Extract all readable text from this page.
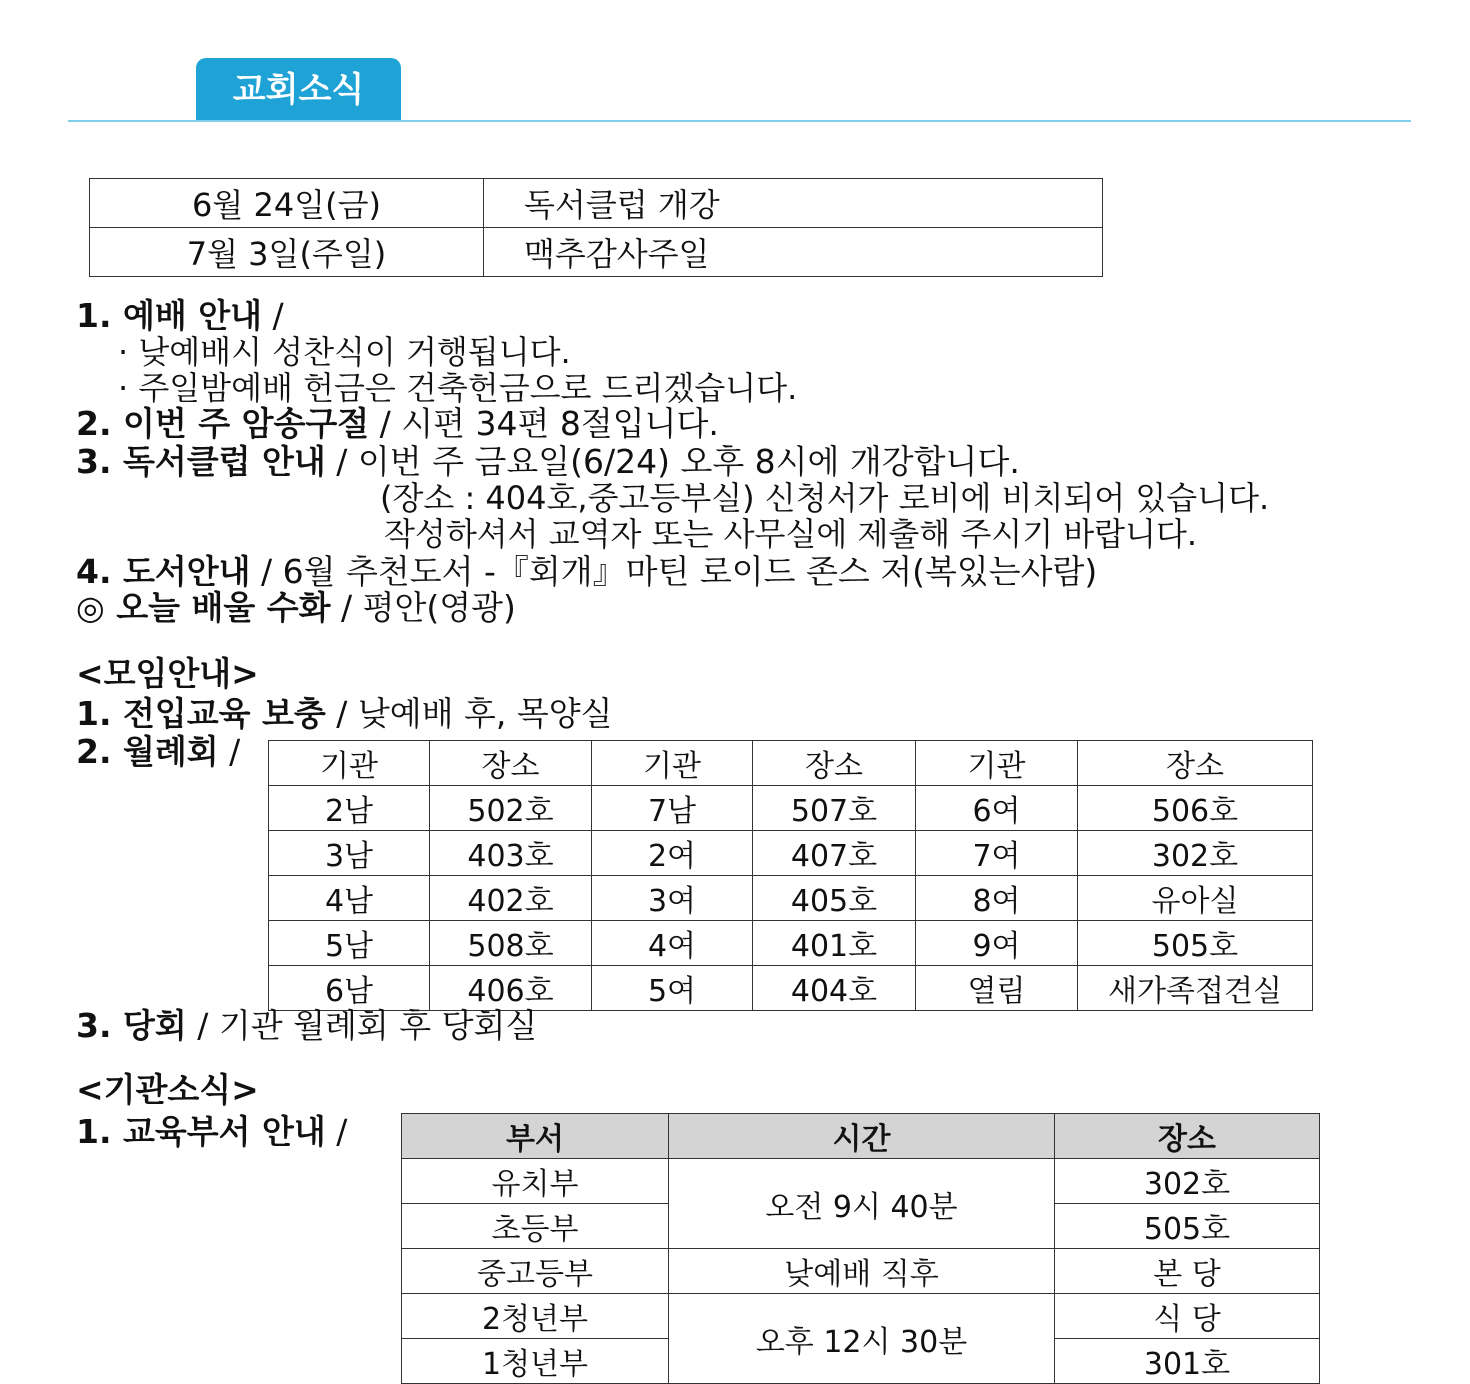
교회소식
6월 24일(금)	독서클럽 개강
7월 3일(주일)	맥추감사주일
1. 예배 안내 /
· 낮예배시 성찬식이 거행됩니다.
· 주일밤예배 헌금은 건축헌금으로 드리겠습니다.
2. 이번 주 암송구절 / 시편 34편 8절입니다.
3. 독서클럽 안내 / 이번 주 금요일(6/24) 오후 8시에 개강합니다.
(장소 : 404호,중고등부실) 신청서가 로비에 비치되어 있습니다.
작성하셔서 교역자 또는 사무실에 제출해 주시기 바랍니다.
4. 도서안내 / 6월 추천도서 -『회개』마틴 로이드 존스 저(복있는사람)
◎ 오늘 배울 수화 / 평안(영광)
<모임안내>
1. 전입교육 보충 / 낮예배 후, 목양실
2. 월례회 /	기관	장소	기관	장소	기관	장소
2남	502호	7남	507호	6여	506호
3남	403호	2여	407호	7여	302호
4남	402호	3여	405호	8여	유아실
5남	508호	4여	401호	9여	505호
6남	406호	5여	404호	열림	새가족접견실
3. 당회 / 기관 월례회 후 당회실
<기관소식>
1. 교육부서 안내 /	부서	시간	장소
유치부	오전 9시 40분	302호
초등부		505호
중고등부	낮예배 직후	본 당
2청년부	오후 12시 30분	식 당
1청년부		301호
